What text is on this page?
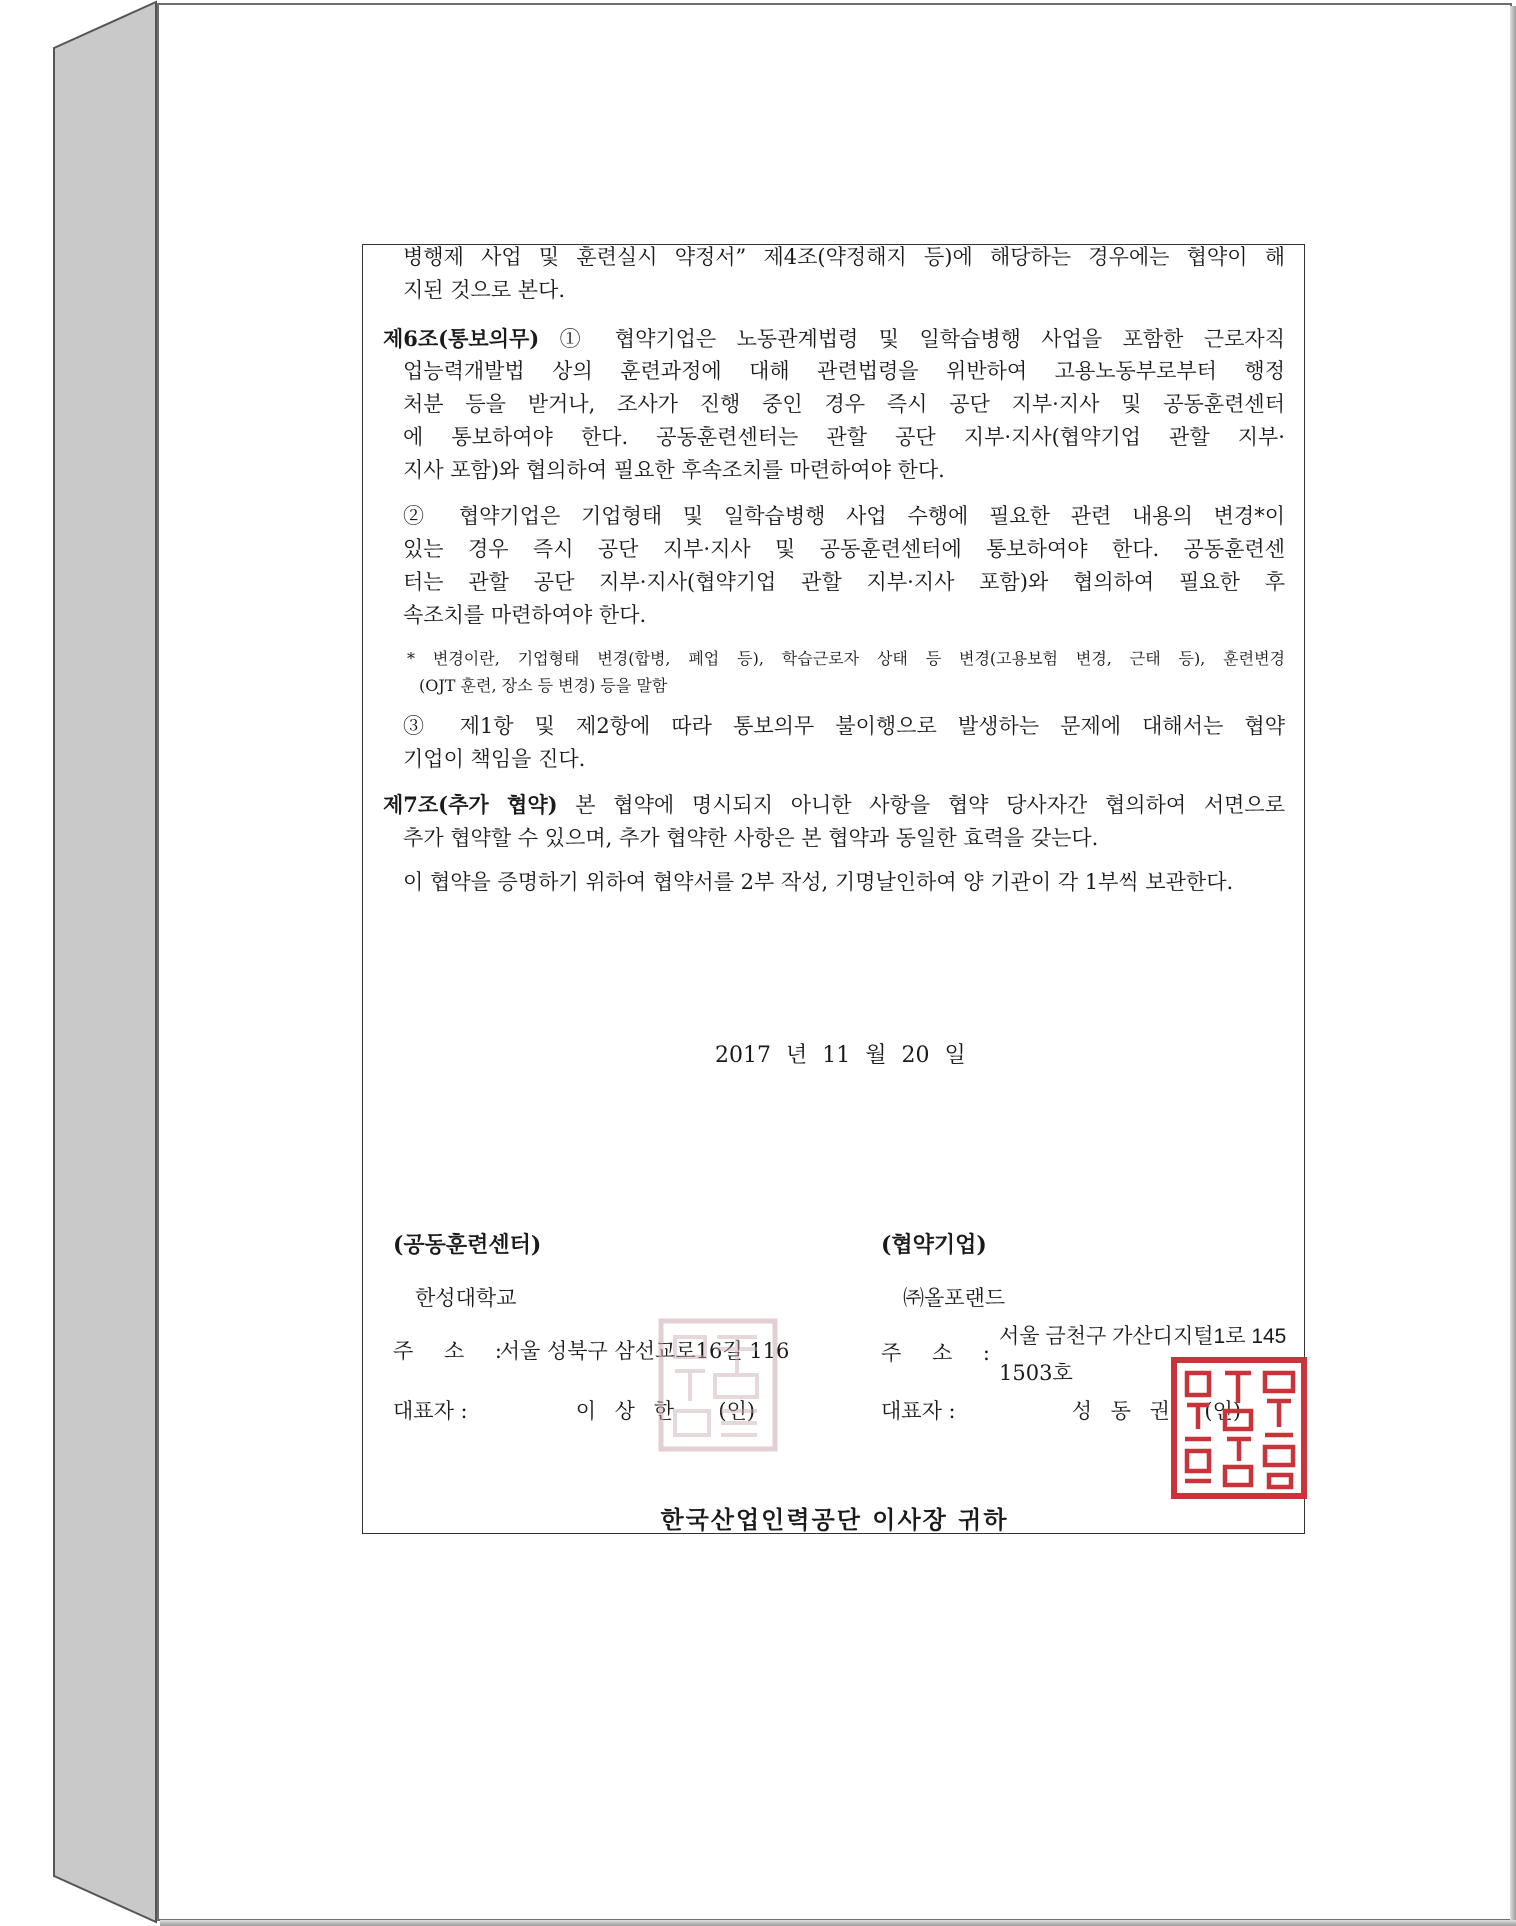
병행제 사업 및 훈련실시 약정서” 제4조(약정해지 등)에 해당하는 경우에는 협약이 해
지된 것으로 본다.
제6조(통보의무) ① 협약기업은 노동관계법령 및 일학습병행 사업을 포함한 근로자직
업능력개발법 상의 훈련과정에 대해 관련법령을 위반하여 고용노동부로부터 행정
처분 등을 받거나, 조사가 진행 중인 경우 즉시 공단 지부·지사 및 공동훈련센터
에 통보하여야 한다. 공동훈련센터는 관할 공단 지부·지사(협약기업 관할 지부·
지사 포함)와 협의하여 필요한 후속조치를 마련하여야 한다.
② 협약기업은 기업형태 및 일학습병행 사업 수행에 필요한 관련 내용의 변경*이
있는 경우 즉시 공단 지부·지사 및 공동훈련센터에 통보하여야 한다. 공동훈련센
터는 관할 공단 지부·지사(협약기업 관할 지부·지사 포함)와 협의하여 필요한 후
속조치를 마련하여야 한다.
* 변경이란, 기업형태 변경(합병, 폐업 등), 학습근로자 상태 등 변경(고용보험 변경, 근태 등), 훈련변경
(OJT 훈련, 장소 등 변경) 등을 말함
③ 제1항 및 제2항에 따라 통보의무 불이행으로 발생하는 문제에 대해서는 협약
기업이 책임을 진다.
제7조(추가 협약) 본 협약에 명시되지 아니한 사항을 협약 당사자간 협의하여 서면으로
추가 협약할 수 있으며, 추가 협약한 사항은 본 협약과 동일한 효력을 갖는다.
이 협약을 증명하기 위하여 협약서를 2부 작성, 기명날인하여 양 기관이 각 1부씩 보관한다.
2017 년 11 월 20 일
(공동훈련센터)
한성대학교
주 소 : 서울 성북구 삼선교로16길 116
대표자 :	이 상 한 (인)
(협약기업)
㈜올포랜드
주 소 :
서울 금천구 가산디지털1로 145
1503호
대표자 :	성 동 권 (인)
한국산업인력공단 이사장 귀하
